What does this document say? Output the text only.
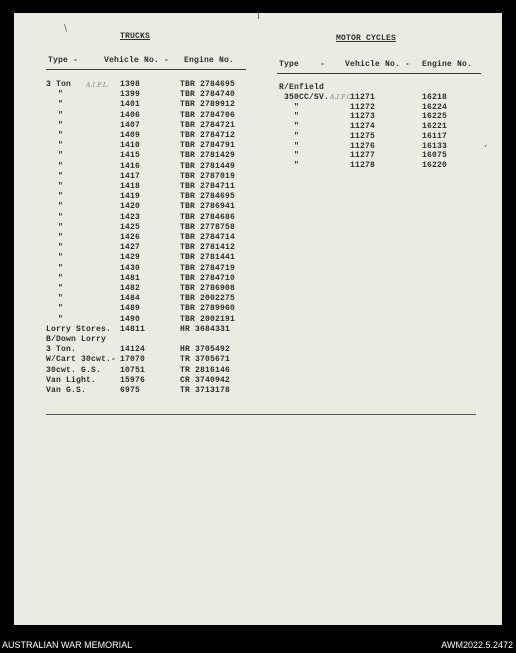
TRUCKS
Type -	Vehicle No. - Engine No.
MOTOR CYCLES
Type	- Vehicle No. - Engine No.
R/Enfield
3 Ton	1398	TBR 2784695
"	1399	TBR 2784740
"	1401	TBR 2789912
"	1406	TBR 2784706
"	1407	TBR 2784721
"	1409	TBR 2784712
"	1410	TBR 2784791
"	1415	TBR 2781429
"	1416	TBR 2781449
"	1417	TBR 2787019
"	1418	TBR 2784711
"	1419	TBR 2784695
"	1420	TBR 2786941
"	1423	TBR 2784686
"	1425	TBR 2778758
"	1426	TBR 2784714
"	1427	TBR 2781412
"	1429	TBR 2781441
"	1430	TBR 2784719
"	1481	TBR 2784710
"	1482	TBR 2786908
"	1484	TBR 2002275
"	1489	TBR 2789960
"	1490	TBR 2002191
Lorry Stores. 14811	HR 3684331
B/Down Lorry
3 Ton.	14124	HR 3705492
W/Cart 30cwt.- 17070	TR 3705671
30cwt. G.S. 10751	TR 2816146
Van Light.	15976	CR 3740942
Van G.S.	6975	TR 3713178
350CC/SV.	11271	16218
"	11272	16224
"	11273	16225
"	11274	16221
"	11275	16117
"	11276	16133
"	11277	16075
"	11278	16220
A.I.F.L.
A.I.F.C.
\
ʻ
|
AUSTRALIAN WAR MEMORIAL	AWM2022.5.2472
